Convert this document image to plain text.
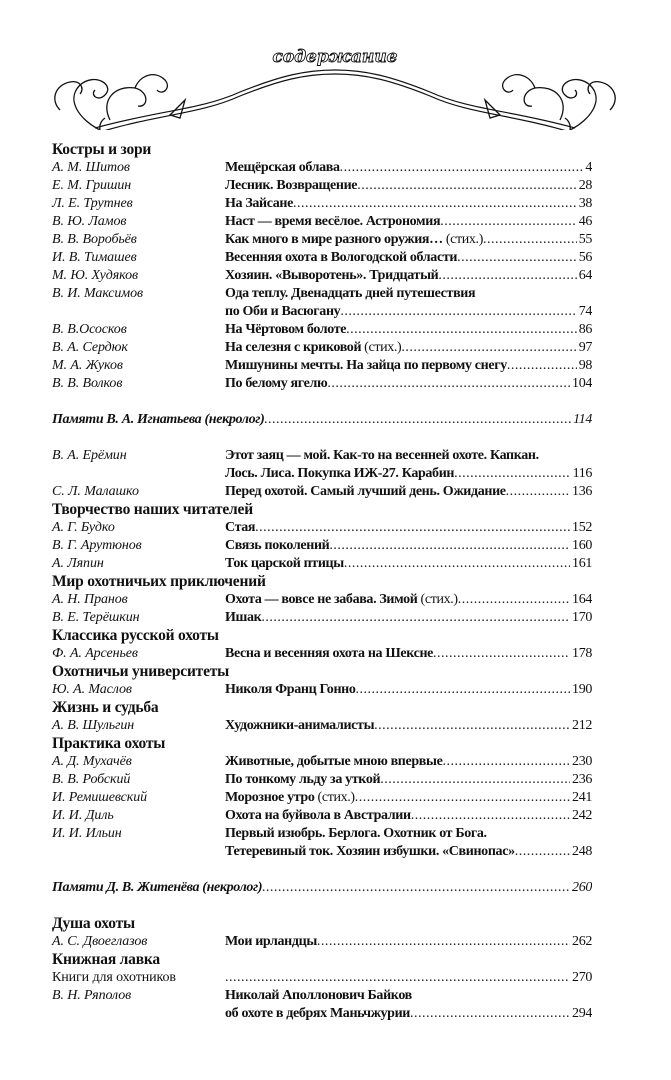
содержание
Костры и зори
А. М. Шитов	Мещёрская облава .....	4
Е. М. Гришин	Лесник. Возвращение .....	28
Л. Е. Трутнев	На Зайсане .....	38
В. Ю. Ламов	Наст — время весёлое. Астрономия .....	46
В. В. Воробьёв	Как много в мире разного оружия… (стих.) .....	55
И. В. Тимашев	Весенняя охота в Вологодской области .....	56
М. Ю. Худяков	Хозяин. «Выворотень». Тридцатый .....	64
В. И. Максимов	Ода теплу. Двенадцать дней путешествия
по Оби и Васюгану .....	74
В. В.Ососков	На Чёртовом болоте .....	86
В. А. Сердюк	На селезня с криковой (стих.) .....	97
М. А. Жуков	Мишунины мечты. На зайца по первому снегу .....	98
В. В. Волков	По белому ягелю .....	104
Памяти В. А. Игнатьева (некролог) .....	114
В. А. Ерёмин	Этот заяц — мой. Как-то на весенней охоте. Капкан.
Лось. Лиса. Покупка ИЖ-27. Карабин .....	116
С. Л. Малашко	Перед охотой. Самый лучший день. Ожидание .....	136
Творчество наших читателей
А. Г. Будко	Стая .....	152
В. Г. Арутюнов	Связь поколений .....	160
А. Ляпин	Ток царской птицы .....	161
Мир охотничьих приключений
А. Н. Пранов	Охота — вовсе не забава. Зимой (стих.) .....	164
В. Е. Терёшкин	Ишак .....	170
Классика русской охоты
Ф. А. Арсеньев	Весна и весенняя охота на Шексне .....	178
Охотничьи университеты
Ю. А. Маслов	Николя Франц Гонно .....	190
Жизнь и судьба
А. В. Шульгин	Художники-анималисты .....	212
Практика охоты
А. Д. Мухачёв	Животные, добытые мною впервые .....	230
В. В. Робский	По тонкому льду за уткой .....	236
И. Ремишевский	Морозное утро (стих.) .....	241
И. И. Диль	Охота на буйвола в Австралии .....	242
И. И. Ильин	Первый изюбрь. Берлога. Охотник от Бога.
Тетеревиный ток. Хозяин избушки. «Свинопас» .....	248
Памяти Д. В. Житенёва (некролог) .....	260
Душа охоты
А. С. Двоеглазов	Мои ирландцы .....	262
Книжная лавка
Книги для охотников .....	270
В. Н. Ряполов	Николай Аполлонович Байков
об охоте в дебрях Маньчжурии .....	294
